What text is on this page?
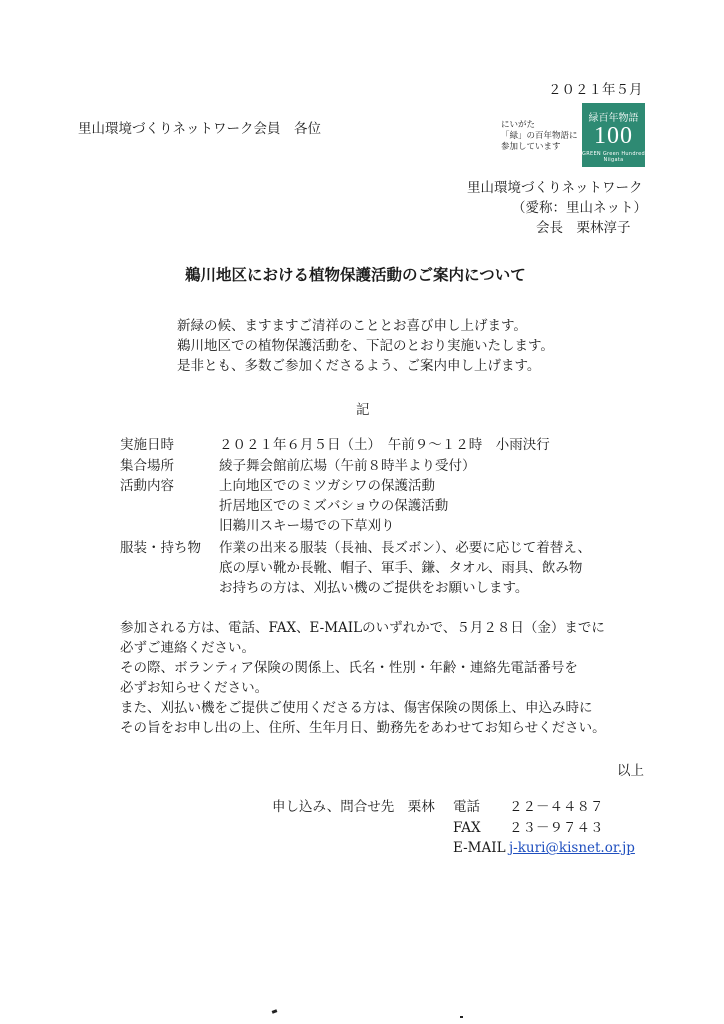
２０２１年５月
里山環境づくりネットワーク会員　各位	にいがた
「緑」の百年物語に
参加しています
緑百年物語
100
GREEN Green Hundred Niigata
里山環境づくりネットワーク
（愛称：里山ネット）
会長　栗林淳子
鵜川地区における植物保護活動のご案内について
新緑の候、ますますご清祥のこととお喜び申し上げます。
鵜川地区での植物保護活動を、下記のとおり実施いたします。
是非とも、多数ご参加くださるよう、ご案内申し上げます。
記
実施日時	２０２１年６月５日（土）　午前９～１２時　小雨決行
集合場所	綾子舞会館前広場（午前８時半より受付）
活動内容	上向地区でのミツガシワの保護活動
折居地区でのミズバショウの保護活動
旧鵜川スキー場での下草刈り
服装・持ち物 作業の出来る服装（長袖、長ズボン）、必要に応じて着替え、
底の厚い靴か長靴、帽子、軍手、鎌、タオル、雨具、飲み物
お持ちの方は、刈払い機のご提供をお願いします。
参加される方は、電話、FAX、E-MAILのいずれかで、５月２８日（金）までに
必ずご連絡ください。
その際、ボランティア保険の関係上、氏名・性別・年齢・連絡先電話番号を
必ずお知らせください。
また、刈払い機をご提供ご使用くださる方は、傷害保険の関係上、申込み時に
その旨をお申し出の上、住所、生年月日、勤務先をあわせてお知らせください。
以上
申し込み、問合せ先　栗林 電話 ２２－４４８７
FAX ２３－９７４３
E-MAIL j-kuri@kisnet.or.jp
